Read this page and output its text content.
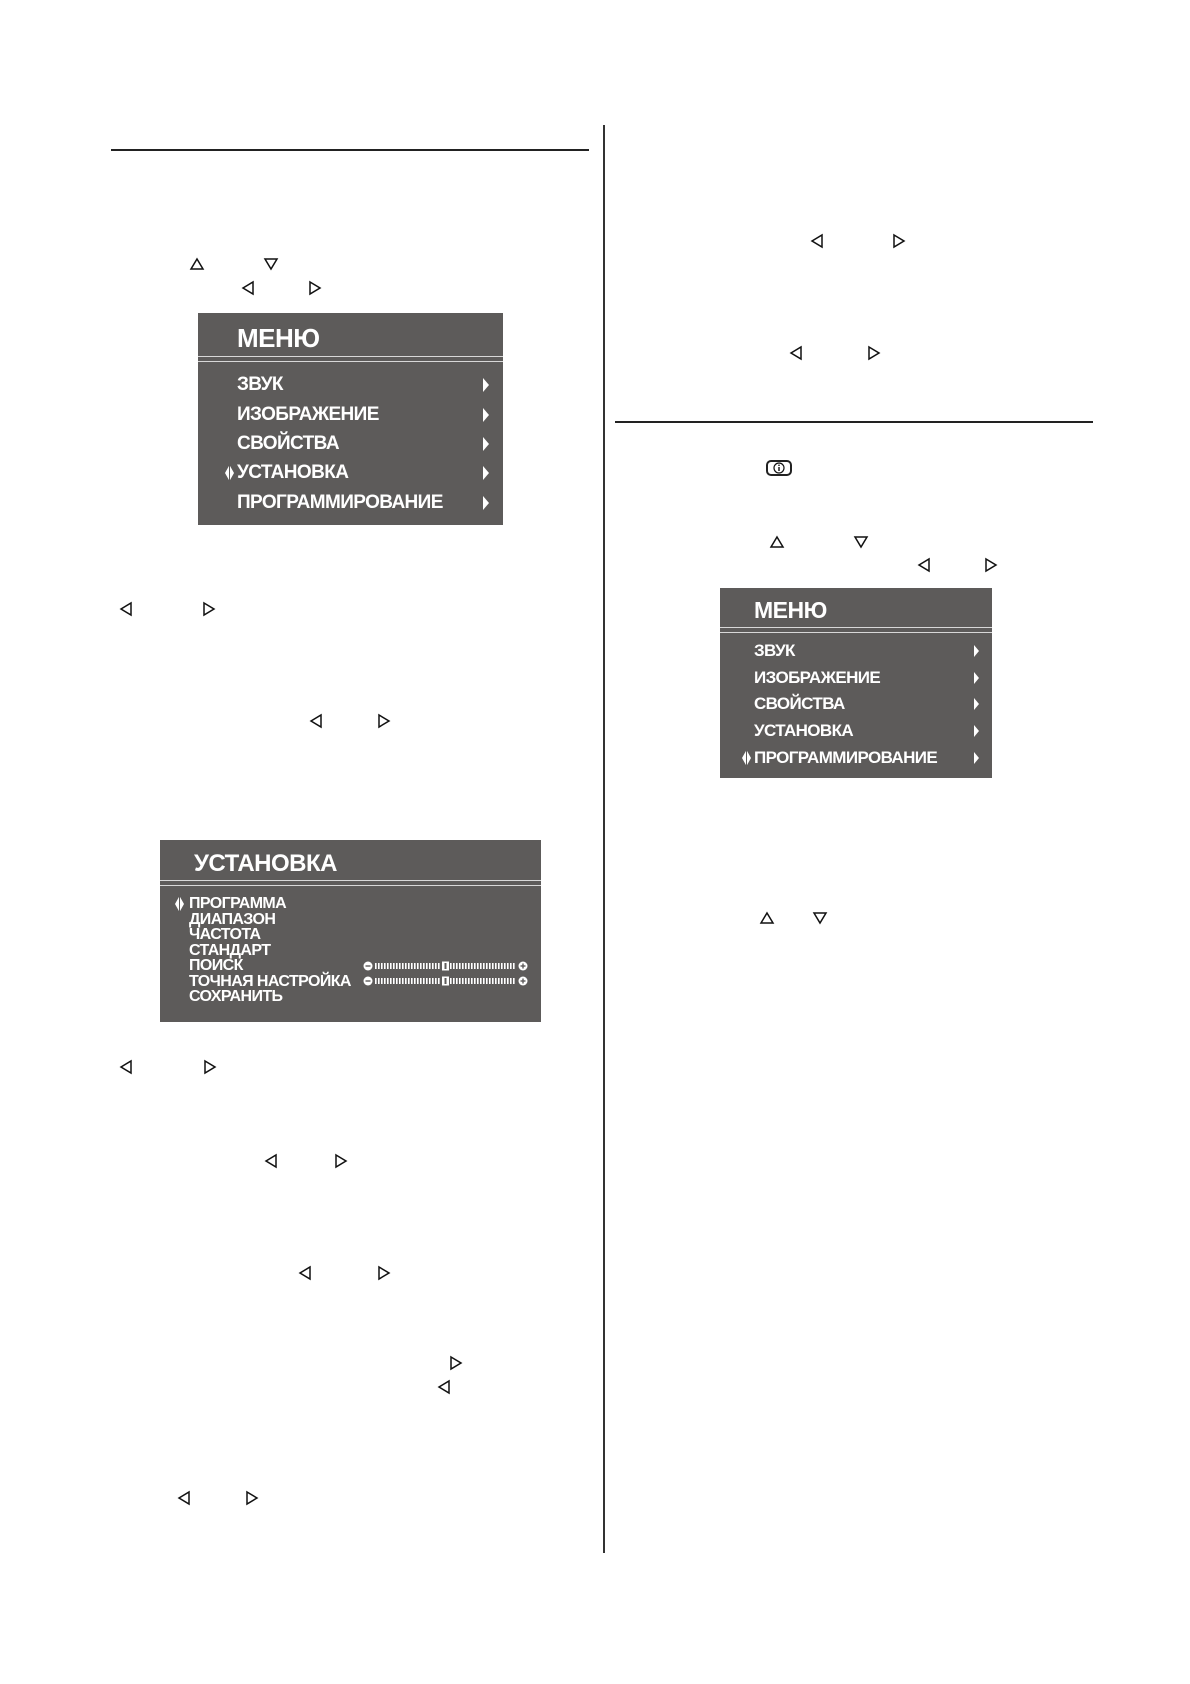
МЕНЮ
ЗВУК
ИЗОБРАЖЕНИЕ
СВОЙСТВА
УСТАНОВКА
ПРОГРАММИРОВАНИЕ
УСТАНОВКА
ПРОГРАММА
ДИАПАЗОН
ЧАСТОТА
СТАНДАРТ
ПОИСК
ТОЧНАЯ НАСТРОЙКА
СОХРАНИТЬ
МЕНЮ
ЗВУК
ИЗОБРАЖЕНИЕ
СВОЙСТВА
УСТАНОВКА
ПРОГРАММИРОВАНИЕ
